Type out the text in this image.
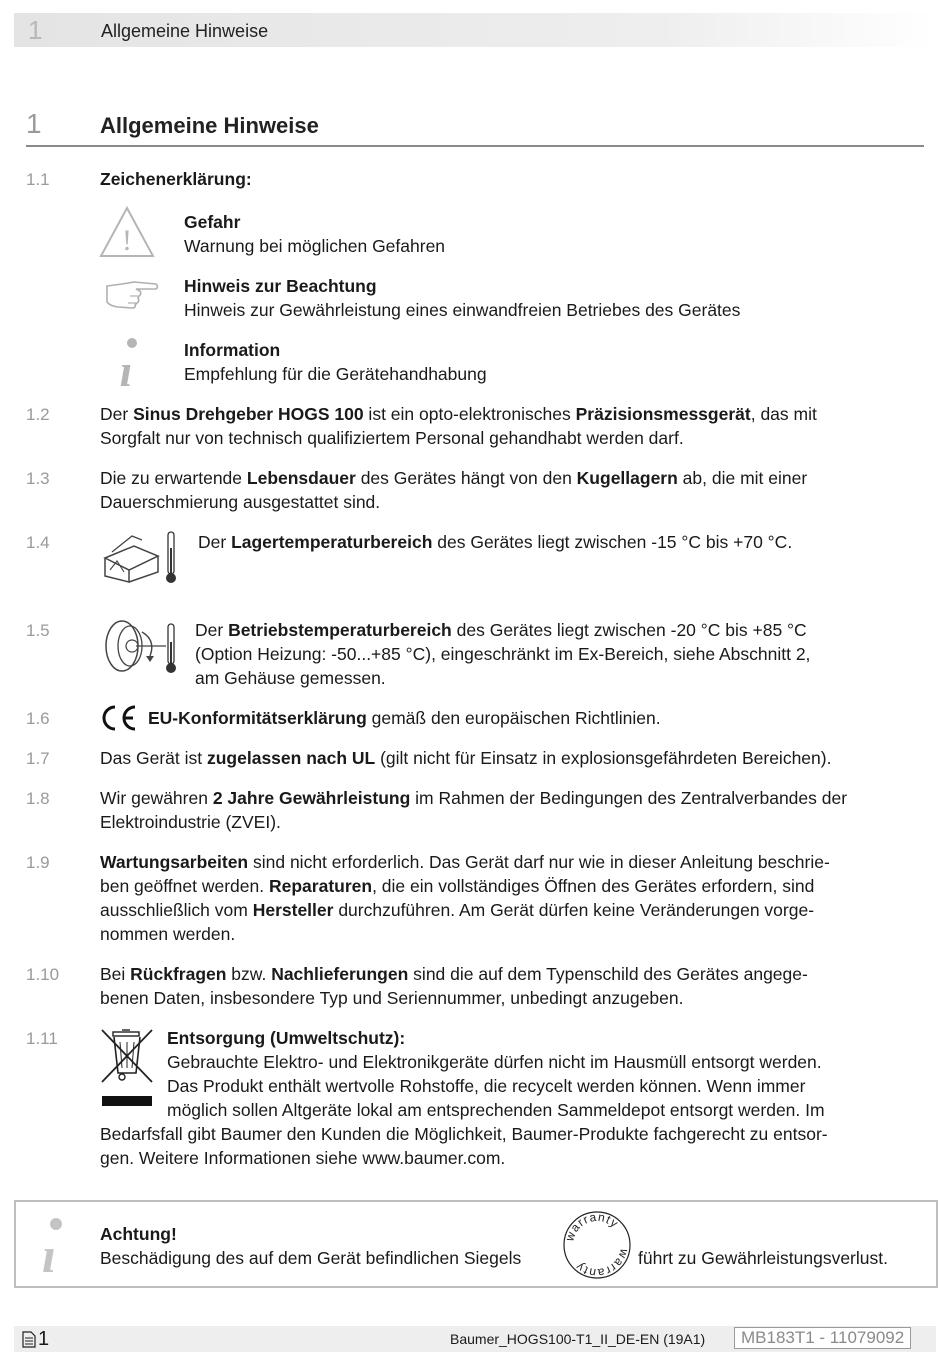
1	Allgemeine Hinweise
1	Allgemeine Hinweise
1.1	Zeichenerklärung:
!
Gefahr
Warnung bei möglichen Gefahren
Hinweis zur Beachtung
Hinweis zur Gewährleistung eines einwandfreien Betriebes des Gerätes
ı	Information
Empfehlung für die Gerätehandhabung
1.2	Der Sinus Drehgeber HOGS 100 ist ein opto-elektronisches Präzisionsmessgerät, das mit
Sorgfalt nur von technisch qualifiziertem Personal gehandhabt werden darf.
1.3	Die zu erwartende Lebensdauer des Gerätes hängt von den Kugellagern ab, die mit einer
Dauerschmierung ausgestattet sind.
1.4	Der Lagertemperaturbereich des Gerätes liegt zwischen -15 °C bis +70 °C.
1.5	Der Betriebstemperaturbereich des Gerätes liegt zwischen -20 °C bis +85 °C
(Option Heizung: -50...+85 °C), eingeschränkt im Ex-Bereich, siehe Abschnitt 2,
am Gehäuse gemessen.
1.6	EU-Konformitätserklärung gemäß den europäischen Richtlinien.
1.7	Das Gerät ist zugelassen nach UL (gilt nicht für Einsatz in explosionsgefährdeten Bereichen).
1.8	Wir gewähren 2 Jahre Gewährleistung im Rahmen der Bedingungen des Zentralverbandes der
Elektroindustrie (ZVEI).
1.9	Wartungsarbeiten sind nicht erforderlich. Das Gerät darf nur wie in dieser Anleitung beschrie-
ben geöffnet werden. Reparaturen, die ein vollständiges Öffnen des Gerätes erfordern, sind
ausschließlich vom Hersteller durchzuführen. Am Gerät dürfen keine Veränderungen vorge-
nommen werden.
1.10 Bei Rückfragen bzw. Nachlieferungen sind die auf dem Typenschild des Gerätes angege-
benen Daten, insbesondere Typ und Seriennummer, unbedingt anzugeben.
1.11	Entsorgung (Umweltschutz):
Gebrauchte Elektro- und Elektronikgeräte dürfen nicht im Hausmüll entsorgt werden.
Das Produkt enthält wertvolle Rohstoffe, die recycelt werden können. Wenn immer
möglich sollen Altgeräte lokal am entsprechenden Sammeldepot entsorgt werden. Im
Bedarfsfall gibt Baumer den Kunden die Möglichkeit, Baumer-Produkte fachgerecht zu entsor-
gen. Weitere Informationen siehe www.baumer.com.
ı	Achtung!
Beschädigung des auf dem Gerät befindlichen Siegels
warranty
warranty	führt zu Gewährleistungsverlust.
1	Baumer_HOGS100-T1_II_DE-EN (19A1)	MB183T1 - 11079092
